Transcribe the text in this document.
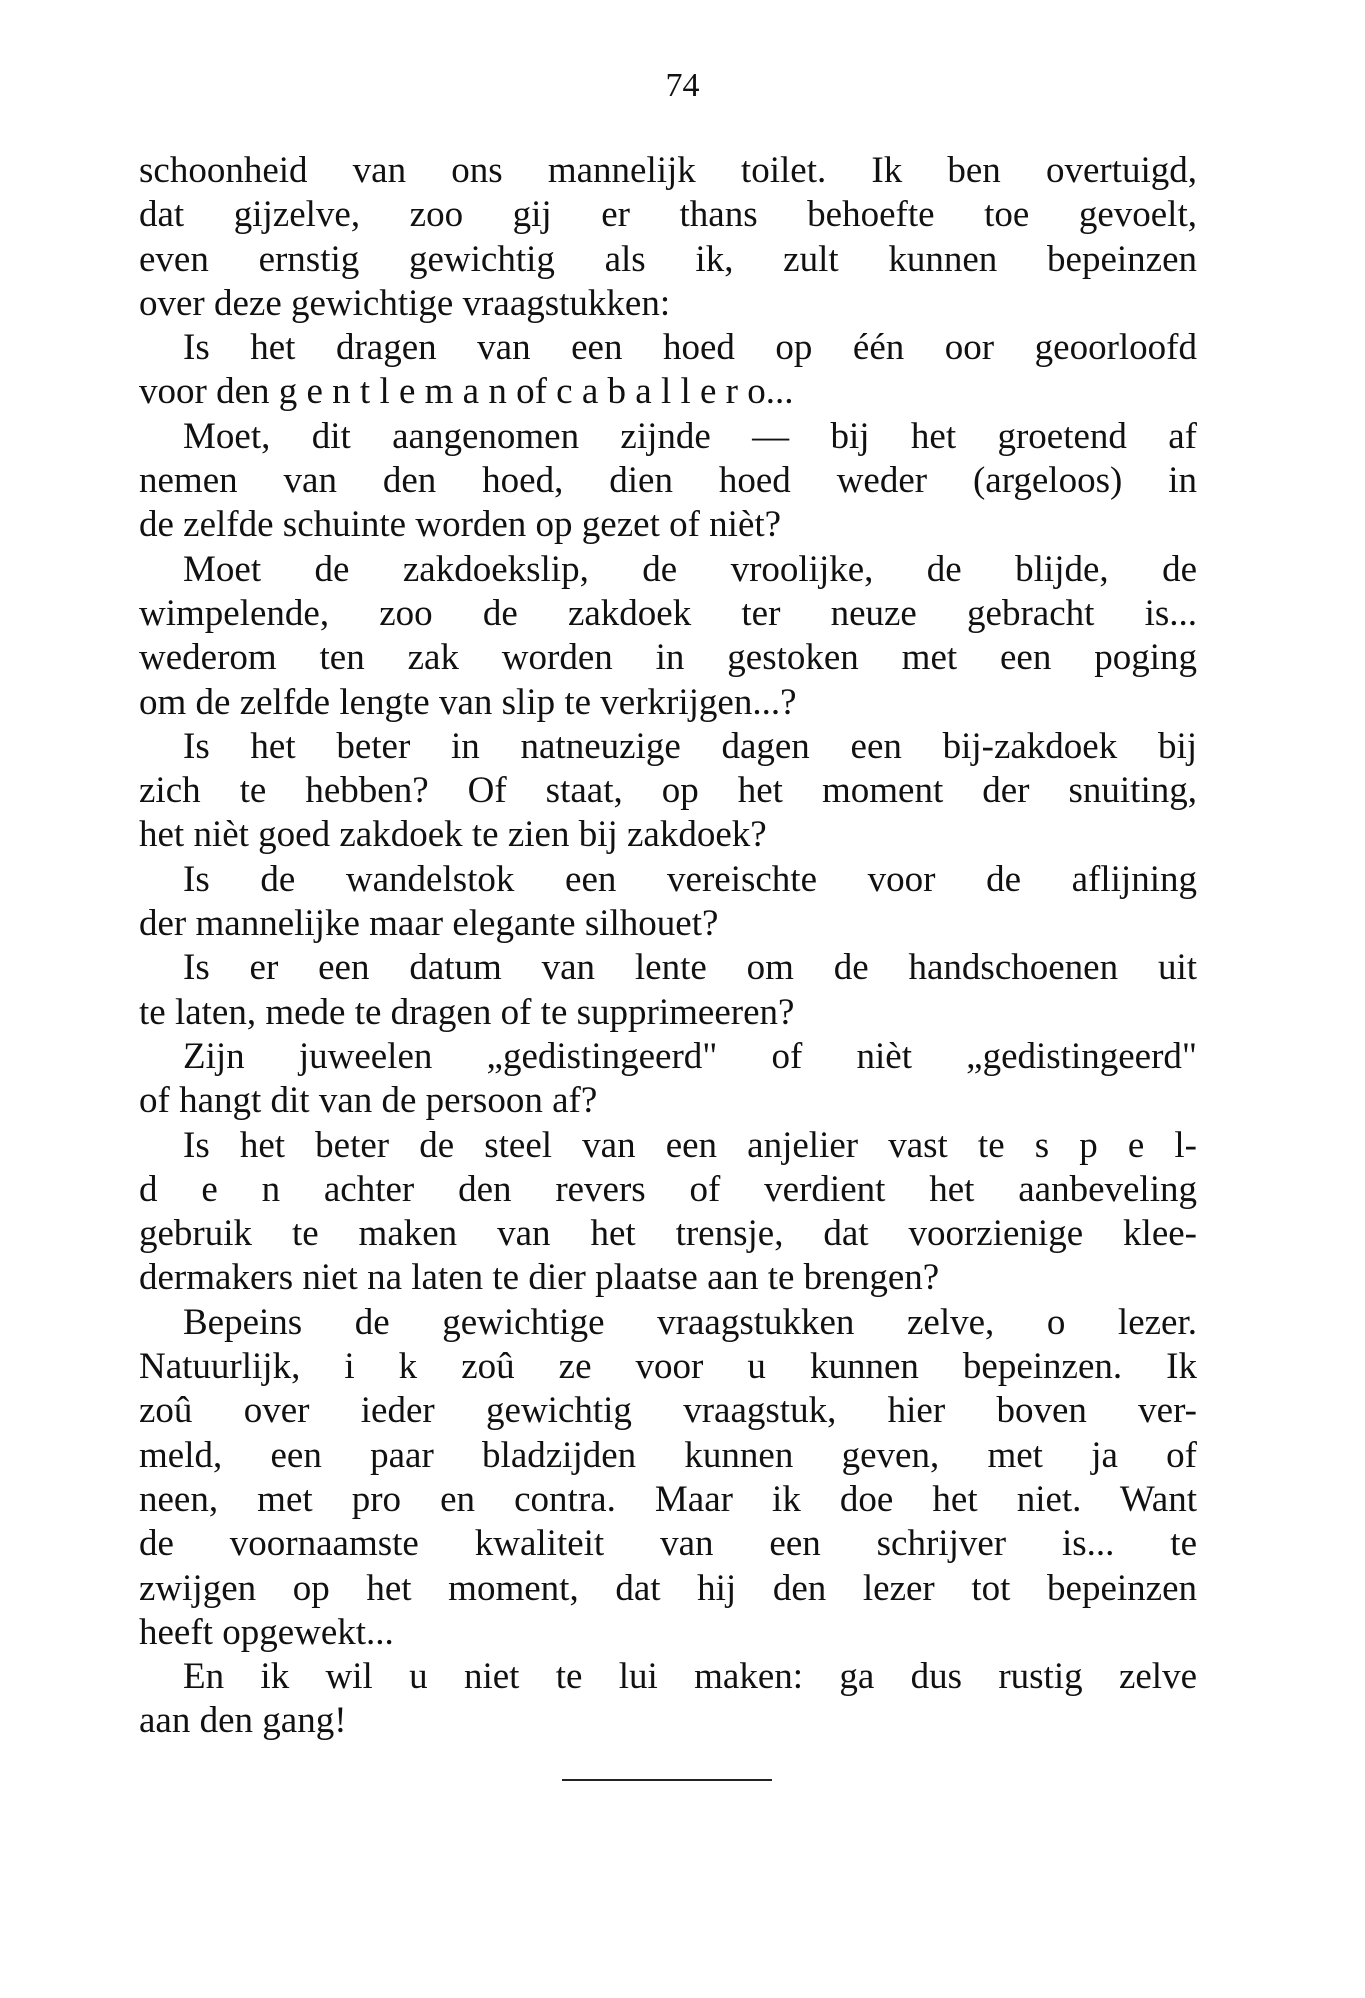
74
schoonheid van ons mannelijk toilet. Ik ben overtuigd,
dat gijzelve, zoo gij er thans behoefte toe gevoelt,
even ernstig gewichtig als ik, zult kunnen bepeinzen
over deze gewichtige vraagstukken:
Is het dragen van een hoed op één oor geoorloofd
voor den g e n t l e m a n of c a b a l l e r o...
Moet, dit aangenomen zijnde — bij het groetend af
nemen van den hoed, dien hoed weder (argeloos) in
de zelfde schuinte worden op gezet of nièt?
Moet de zakdoekslip, de vroolijke, de blijde, de
wimpelende, zoo de zakdoek ter neuze gebracht is...
wederom ten zak worden in gestoken met een poging
om de zelfde lengte van slip te verkrijgen...?
Is het beter in natneuzige dagen een bij-zakdoek bij
zich te hebben? Of staat, op het moment der snuiting,
het nièt goed zakdoek te zien bij zakdoek?
Is de wandelstok een vereischte voor de aflijning
der mannelijke maar elegante silhouet?
Is er een datum van lente om de handschoenen uit
te laten, mede te dragen of te supprimeeren?
Zijn juweelen „gedistingeerd" of nièt „gedistingeerd"
of hangt dit van de persoon af?
Is het beter de steel van een anjelier vast te s p e l-
d e n achter den revers of verdient het aanbeveling
gebruik te maken van het trensje, dat voorzienige klee-
dermakers niet na laten te dier plaatse aan te brengen?
Bepeins de gewichtige vraagstukken zelve, o lezer.
Natuurlijk, i k zoû ze voor u kunnen bepeinzen. Ik
zoû over ieder gewichtig vraagstuk, hier boven ver-
meld, een paar bladzijden kunnen geven, met ja of
neen, met pro en contra. Maar ik doe het niet. Want
de voornaamste kwaliteit van een schrijver is... te
zwijgen op het moment, dat hij den lezer tot bepeinzen
heeft opgewekt...
En ik wil u niet te lui maken: ga dus rustig zelve
aan den gang!
